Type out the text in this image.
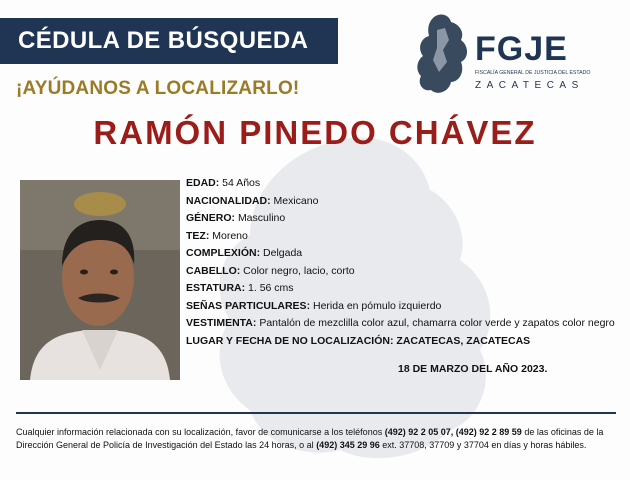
CÉDULA DE BÚSQUEDA
¡AYÚDANOS A LOCALIZARLO!
FGJE
FISCALÍA GENERAL DE JUSTICIA DEL ESTADO
ZACATECAS
RAMÓN PINEDO CHÁVEZ

EDAD: 54 Años

NACIONALIDAD: Mexicano

GÉNERO: Masculino

TEZ: Moreno

COMPLEXIÓN: Delgada

CABELLO: Color negro, lacio, corto

ESTATURA: 1. 56 cms

SEÑAS PARTICULARES: Herida en pómulo izquierdo

VESTIMENTA: Pantalón de mezclilla color azul, chamarra color verde y zapatos color negro

LUGAR Y FECHA DE NO LOCALIZACIÓN: ZACATECAS, ZACATECAS

18 DE MARZO DEL AÑO 2023.
Cualquier información relacionada con su localización, favor de comunicarse a los teléfonos (492) 92 2 05 07, (492) 92 2 89 59 de las oficinas de la Dirección General de Policía de Investigación del Estado las 24 horas, o al (492) 345 29 96 ext. 37708, 37709 y 37704 en días y horas hábiles.
